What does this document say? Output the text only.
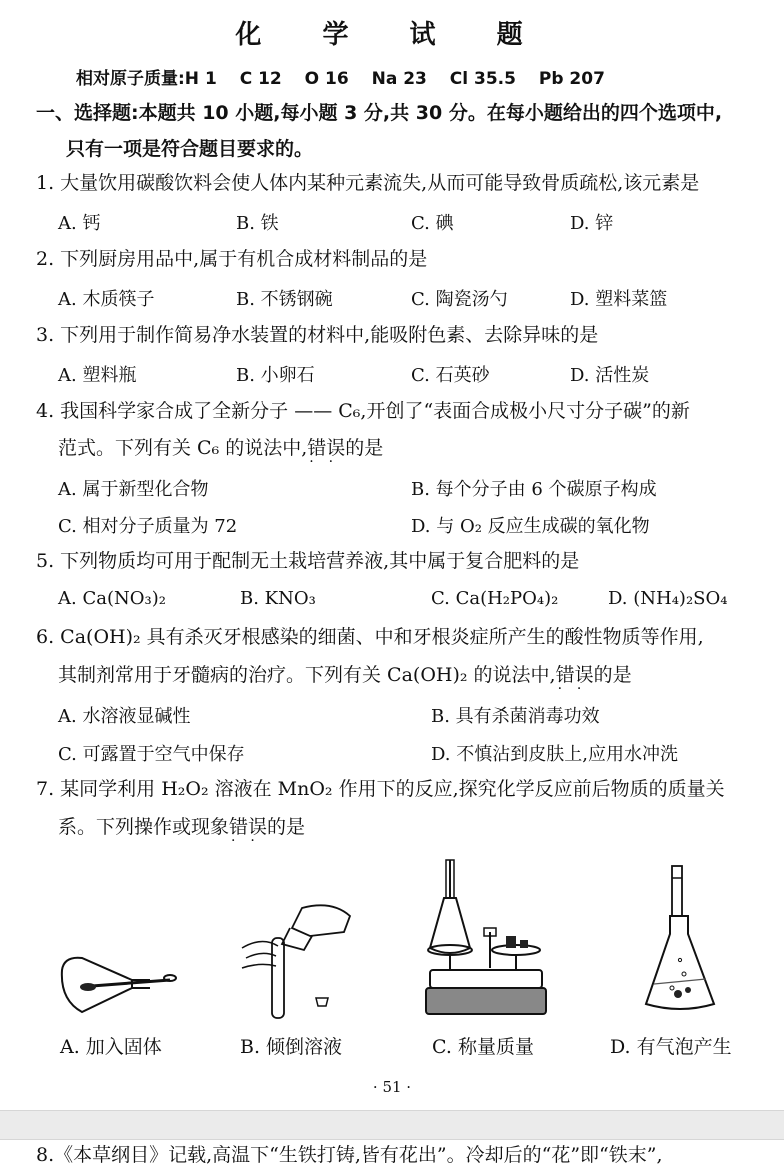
化 学 试 题
相对原子质量:H 1　 C 12　 O 16　 Na 23　 Cl 35.5　 Pb 207
一、选择题:本题共 10 小题,每小题 3 分,共 30 分。在每小题给出的四个选项中,
只有一项是符合题目要求的。
1. 大量饮用碳酸饮料会使人体内某种元素流失,从而可能导致骨质疏松,该元素是
A. 钙	B. 铁	C. 碘	D. 锌
2. 下列厨房用品中,属于有机合成材料制品的是
A. 木质筷子	B. 不锈钢碗	C. 陶瓷汤勺	D. 塑料菜篮
3. 下列用于制作简易净水装置的材料中,能吸附色素、去除异味的是
A. 塑料瓶	B. 小卵石	C. 石英砂	D. 活性炭
4. 我国科学家合成了全新分子 —— C₆,开创了“表面合成极小尺寸分子碳”的新
范式。下列有关 C₆ 的说法中,错误 ·  ·的是
A. 属于新型化合物	B. 每个分子由 6 个碳原子构成
C. 相对分子质量为 72	D. 与 O₂ 反应生成碳的氧化物
5. 下列物质均可用于配制无土栽培营养液,其中属于复合肥料的是
A. Ca(NO₃)₂	B. KNO₃	C. Ca(H₂PO₄)₂	D. (NH₄)₂SO₄
6. Ca(OH)₂ 具有杀灭牙根感染的细菌、中和牙根炎症所产生的酸性物质等作用,
其制剂常用于牙髓病的治疗。下列有关 Ca(OH)₂ 的说法中,错误 ·  ·的是
A. 水溶液显碱性	B. 具有杀菌消毒功效
C. 可露置于空气中保存	D. 不慎沾到皮肤上,应用水冲洗
7. 某同学利用 H₂O₂ 溶液在 MnO₂ 作用下的反应,探究化学反应前后物质的质量关
系。下列操作或现象错误 ·  ·的是
A. 加入固体	B. 倾倒溶液	C. 称量质量	D. 有气泡产生
· 51 ·
8.《本草纲目》记载,高温下“生铁打铸,皆有花出”。冷却后的“花”即“铁末”,
